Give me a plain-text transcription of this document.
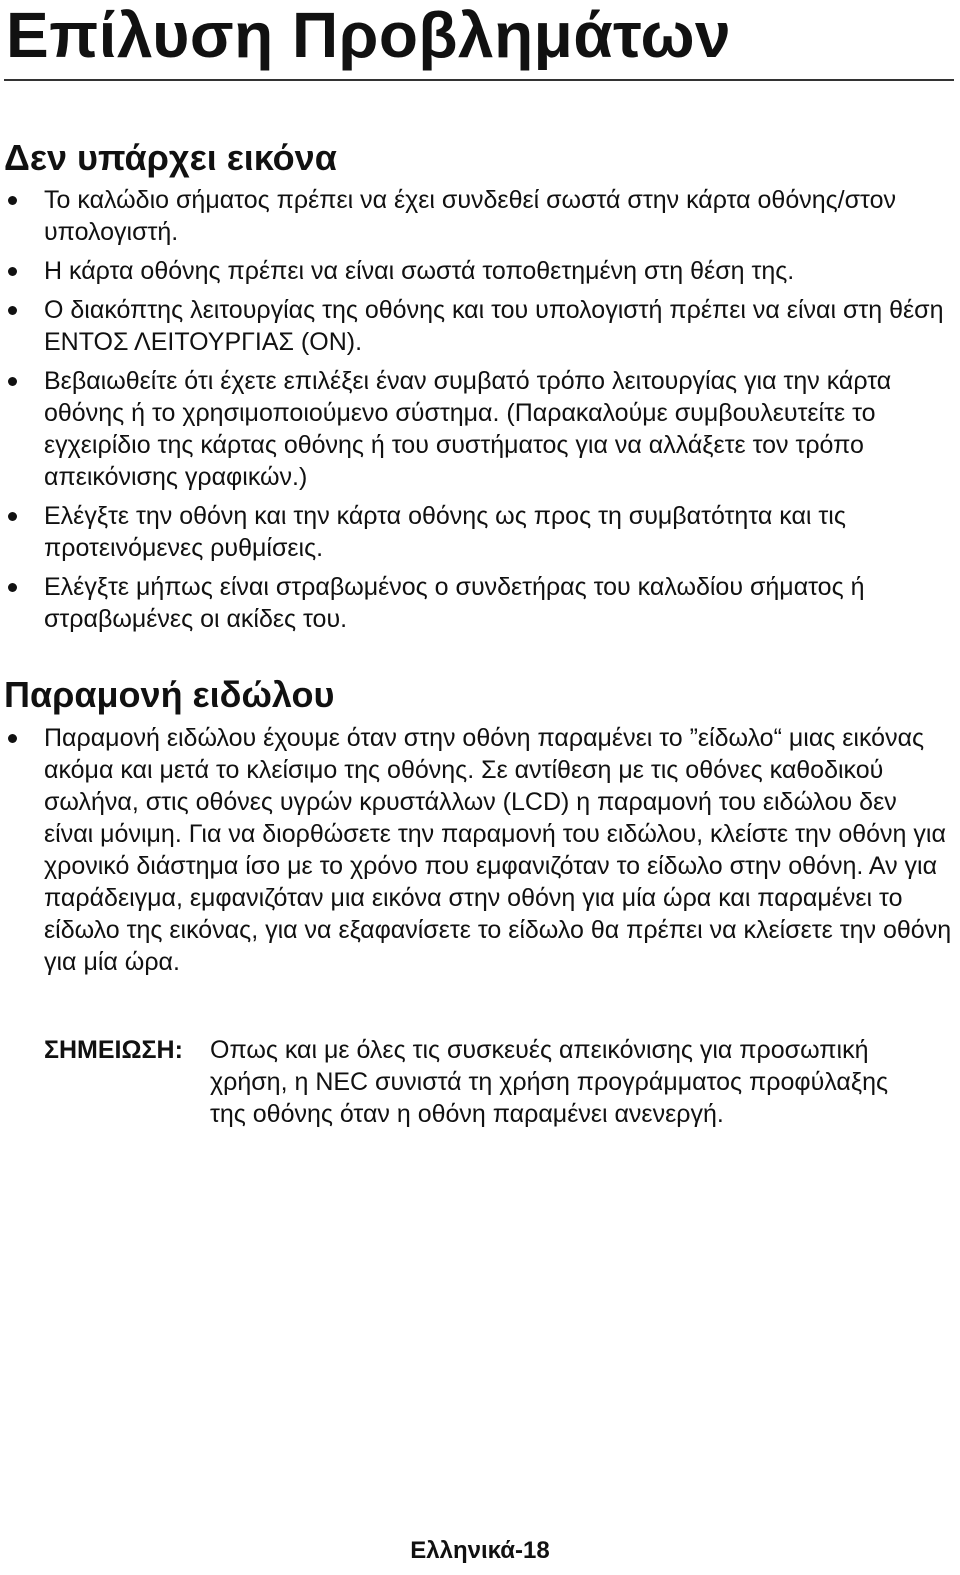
Επίλυση Προβλημάτων
Δεν υπάρχει εικόνα
Το καλώδιο σήματος πρέπει να έχει συνδεθεί σωστά στην κάρτα οθόνης/στον υπολογιστή.
Η κάρτα οθόνης πρέπει να είναι σωστά τοποθετημένη στη θέση της.
Ο διακόπτης λειτουργίας της οθόνης και του υπολογιστή πρέπει να είναι στη θέση ΕΝΤΟΣ ΛΕΙΤΟΥΡΓΙΑΣ (ON).
Βεβαιωθείτε ότι έχετε επιλέξει έναν συμβατό τρόπο λειτουργίας για την κάρτα οθόνης ή το χρησιμοποιούμενο σύστημα. (Παρακαλούμε συμβουλευτείτε το εγχειρίδιο της κάρτας οθόνης ή του συστήματος για να αλλάξετε τον τρόπο απεικόνισης γραφικών.)
Ελέγξτε την οθόνη και την κάρτα οθόνης ως προς τη συμβατότητα και τις προτεινόμενες ρυθμίσεις.
Ελέγξτε μήπως είναι στραβωμένος ο συνδετήρας του καλωδίου σήματος ή στραβωμένες οι ακίδες του.
Παραμονή ειδώλου
Παραμονή ειδώλου έχουμε όταν στην οθόνη παραμένει το ”είδωλο“ μιας εικόνας ακόμα και μετά το κλείσιμο της οθόνης. Σε αντίθεση με τις οθόνες καθοδικού σωλήνα, στις οθόνες υγρών κρυστάλλων (LCD) η παραμονή του ειδώλου δεν είναι μόνιμη. Για να διορθώσετε την παραμονή του ειδώλου, κλείστε την οθόνη για χρονικό διάστημα ίσο με το χρόνο που εμφανιζόταν το είδωλο στην οθόνη. Αν για παράδειγμα, εμφανιζόταν μια εικόνα στην οθόνη για μία ώρα και παραμένει το είδωλο της εικόνας, για να εξαφανίσετε το είδωλο θα πρέπει να κλείσετε την οθόνη για μία ώρα.
ΣΗΜΕΙΩΣΗ: Οπως και με όλες τις συσκευές απεικόνισης για προσωπική χρήση, η NEC συνιστά τη χρήση προγράμματος προφύλαξης της οθόνης όταν η οθόνη παραμένει ανενεργή.
Ελληνικά-18
